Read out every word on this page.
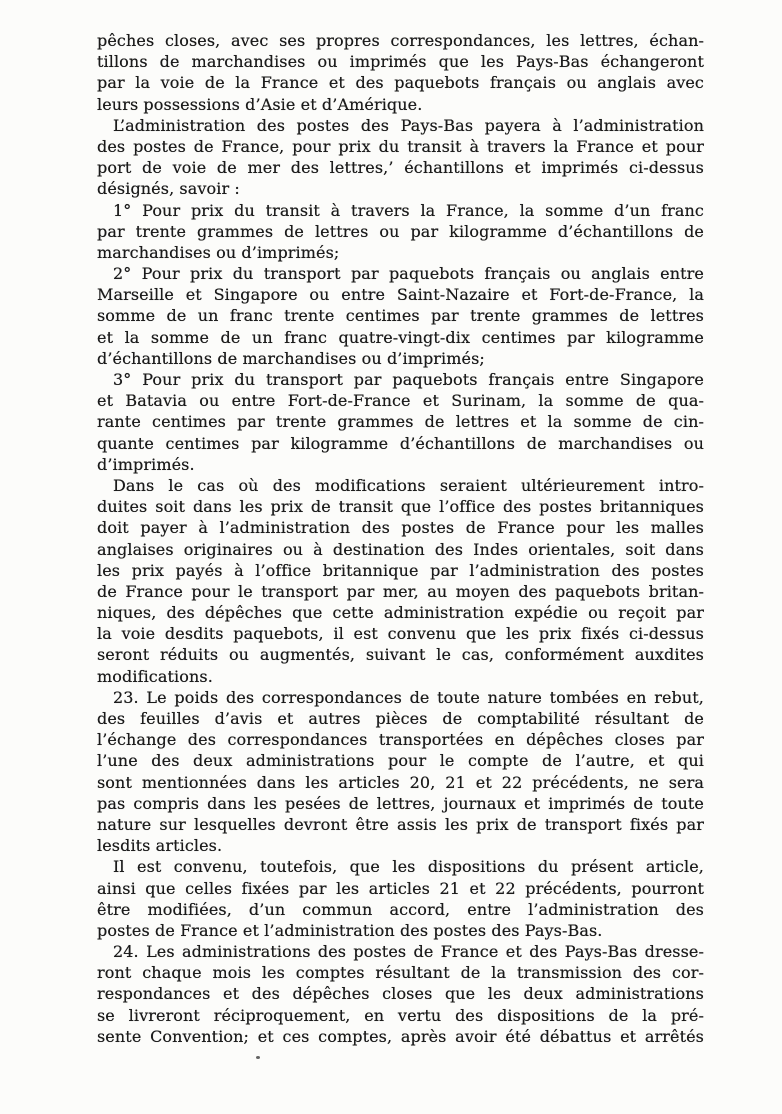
pêches closes, avec ses propres correspondances, les lettres, échan-
tillons de marchandises ou imprimés que les Pays-Bas échangeront
par la voie de la France et des paquebots français ou anglais avec
leurs possessions d’Asie et d’Amérique.
L’administration des postes des Pays-Bas payera à l’administration
des postes de France, pour prix du transit à travers la France et pour
port de voie de mer des lettres,’ échantillons et imprimés ci-dessus
désignés, savoir :
1° Pour prix du transit à travers la France, la somme d’un franc
par trente grammes de lettres ou par kilogramme d’échantillons de
marchandises ou d’imprimés;
2° Pour prix du transport par paquebots français ou anglais entre
Marseille et Singapore ou entre Saint-Nazaire et Fort-de-France, la
somme de un franc trente centimes par trente grammes de lettres
et la somme de un franc quatre-vingt-dix centimes par kilogramme
d’échantillons de marchandises ou d’imprimés;
3° Pour prix du transport par paquebots français entre Singapore
et Batavia ou entre Fort-de-France et Surinam, la somme de qua-
rante centimes par trente grammes de lettres et la somme de cin-
quante centimes par kilogramme d’échantillons de marchandises ou
d’imprimés.
Dans le cas où des modifications seraient ultérieurement intro-
duites soit dans les prix de transit que l’office des postes britanniques
doit payer à l’administration des postes de France pour les malles
anglaises originaires ou à destination des Indes orientales, soit dans
les prix payés à l’office britannique par l’administration des postes
de France pour le transport par mer, au moyen des paquebots britan-
niques, des dépêches que cette administration expédie ou reçoit par
la voie desdits paquebots, il est convenu que les prix fixés ci-dessus
seront réduits ou augmentés, suivant le cas, conformément auxdites
modifications.
23. Le poids des correspondances de toute nature tombées en rebut,
des feuilles d’avis et autres pièces de comptabilité résultant de
l’échange des correspondances transportées en dépêches closes par
l’une des deux administrations pour le compte de l’autre, et qui
sont mentionnées dans les articles 20, 21 et 22 précédents, ne sera
pas compris dans les pesées de lettres, journaux et imprimés de toute
nature sur lesquelles devront être assis les prix de transport fixés par
lesdits articles.
Il est convenu, toutefois, que les dispositions du présent article,
ainsi que celles fixées par les articles 21 et 22 précédents, pourront
être modifiées, d’un commun accord, entre l’administration des
postes de France et l’administration des postes des Pays-Bas.
24. Les administrations des postes de France et des Pays-Bas dresse-
ront chaque mois les comptes résultant de la transmission des cor-
respondances et des dépêches closes que les deux administrations
se livreront réciproquement, en vertu des dispositions de la pré-
sente Convention; et ces comptes, après avoir été débattus et arrêtés
